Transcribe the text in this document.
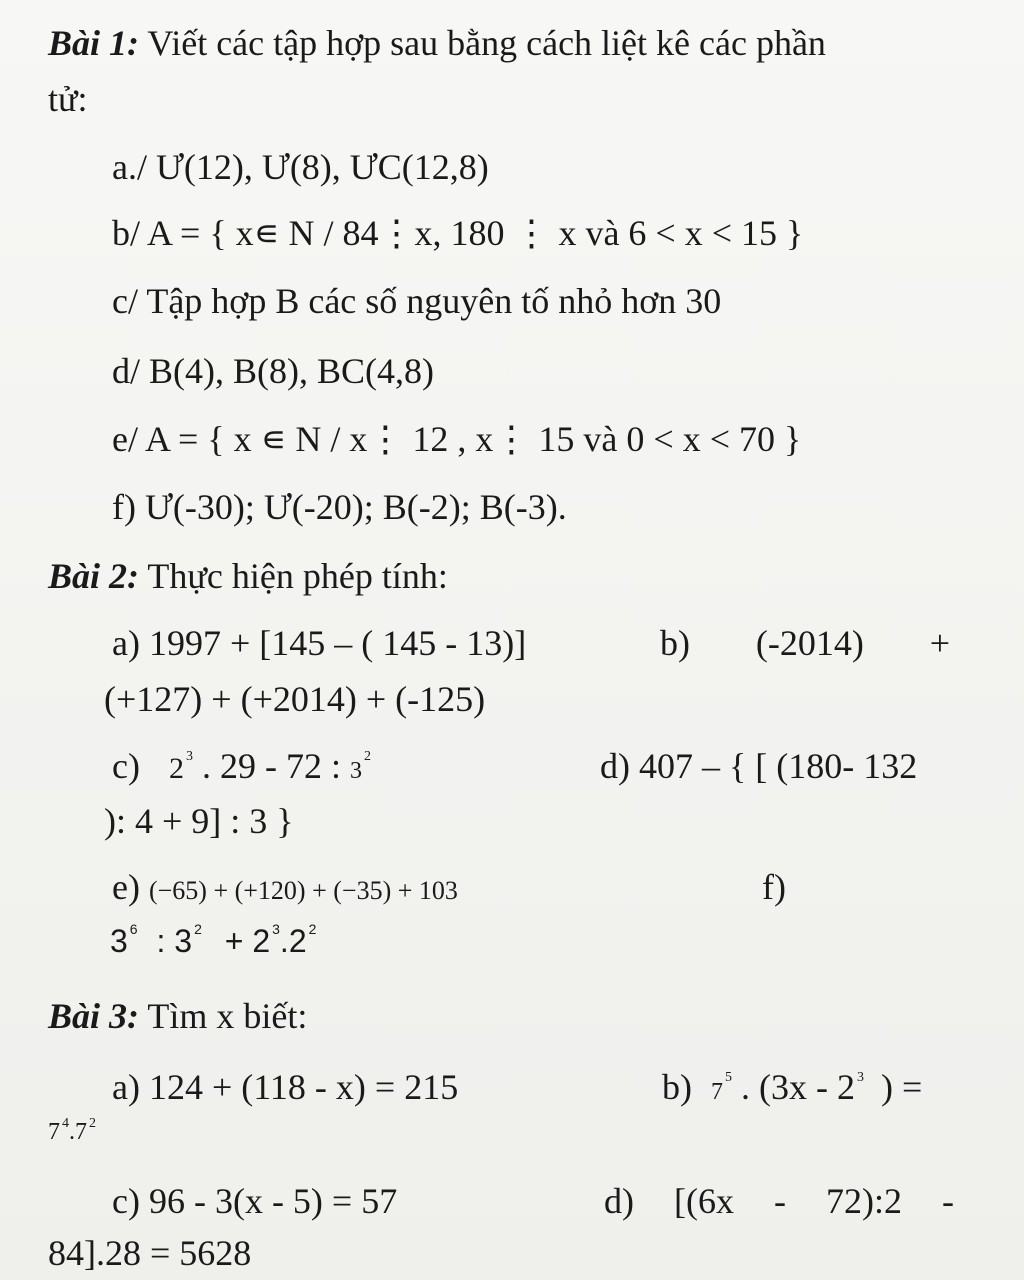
Bài 1: Viết các tập hợp sau bằng cách liệt kê các phần
tử:
a./ Ư(12), Ư(8), ƯC(12,8)
b/ A = { x∊ N / 84⋮x, 180 ⋮ x và 6 < x < 15 }
c/ Tập hợp B các số nguyên tố nhỏ hơn 30
d/ B(4), B(8), BC(4,8)
e/ A = { x ∊ N / x⋮ 12 , x⋮ 15 và 0 < x < 70 }
f) Ư(-30); Ư(-20); B(-2); B(-3).
Bài 2: Thực hiện phép tính:
a) 1997 + [145 – ( 145 - 13)]	b) (-2014) +
(+127) + (+2014) + (-125)
c) 2 $^3$ . 29 - 72 : $3^2$	d) 407 – { [ (180- 132
): 4 + 9] : 3 }
e) (−65) + (+120) + (−35) + 103	f)
3 $^6$ : 3 $^2$ + 2 $^3$.2 $^2$
Bài 3: Tìm x biết:
a) 124 + (118 - x) = 215	b) $7^5$ . (3x - 2 $^3$ ) =
7 $^4$.7 $^2$
c) 96 - 3(x - 5) = 57	d) [(6x - 72):2 -
84].28 = 5628
